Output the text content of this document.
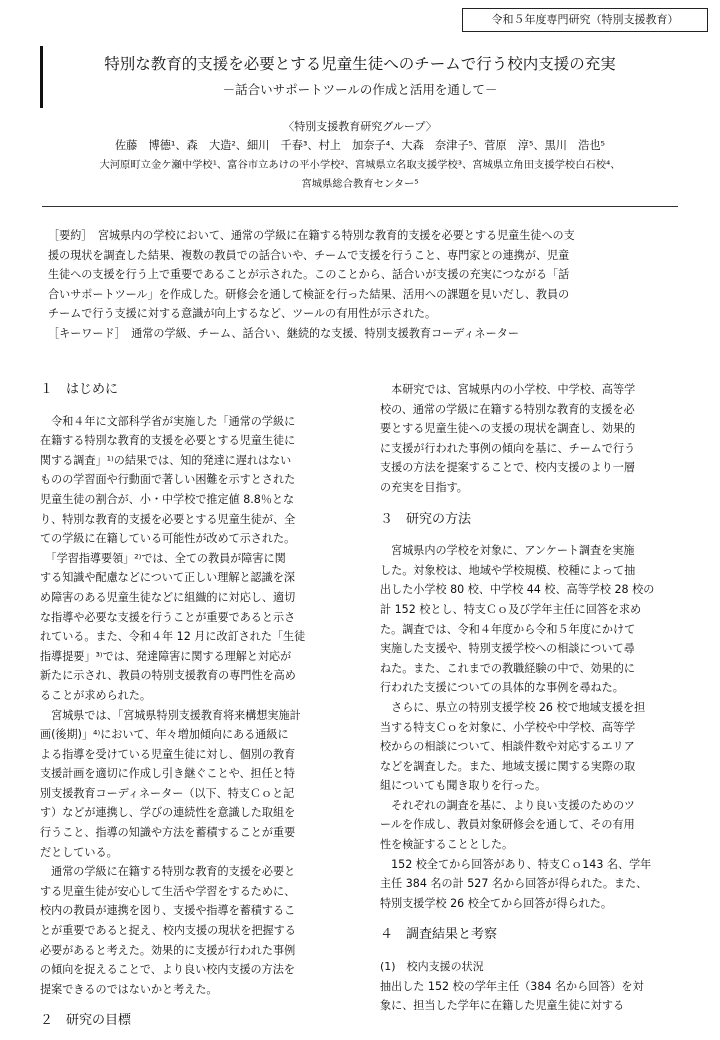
令和５年度専門研究（特別支援教育）
特別な教育的支援を必要とする児童生徒へのチームで行う校内支援の充実
－話合いサポートツールの作成と活用を通して－
〈特別支援教育研究グループ〉
佐藤　博德¹、森　大造²、細川　千春³、村上　加奈子⁴、大森　奈津子⁵、菅原　淳⁵、黒川　浩也⁵
大河原町立金ケ瀬中学校¹、富谷市立あけの平小学校²、宮城県立名取支援学校³、宮城県立角田支援学校白石校⁴、
宮城県総合教育センター⁵
［要約］　宮城県内の学校において、通常の学級に在籍する特別な教育的支援を必要とする児童生徒への支
援の現状を調査した結果、複数の教員での話合いや、チームで支援を行うこと、専門家との連携が、児童
生徒への支援を行う上で重要であることが示された。このことから、話合いが支援の充実につながる「話
合いサポートツール」を作成した。研修会を通して検証を行った結果、活用への課題を見いだし、教員の
チームで行う支援に対する意識が向上するなど、ツールの有用性が示された。
［キーワード］　通常の学級、チーム、話合い、継続的な支援、特別支援教育コーディネーター
１　はじめに
　令和４年に文部科学省が実施した「通常の学級に
在籍する特別な教育的支援を必要とする児童生徒に
関する調査」¹⁾の結果では、知的発達に遅れはない
ものの学習面や行動面で著しい困難を示すとされた
児童生徒の割合が、小・中学校で推定値 8.8％とな
り、特別な教育的支援を必要とする児童生徒が、全
ての学級に在籍している可能性が改めて示された。
　「学習指導要領」²⁾では、全ての教員が障害に関
する知識や配慮などについて正しい理解と認識を深
め障害のある児童生徒などに組織的に対応し、適切
な指導や必要な支援を行うことが重要であると示さ
れている。また、令和４年 12 月に改訂された「生徒
指導提要」³⁾では、発達障害に関する理解と対応が
新たに示され、教員の特別支援教育の専門性を高め
ることが求められた。
　宮城県では、「宮城県特別支援教育将来構想実施計
画(後期)」⁴⁾において、年々増加傾向にある通級に
よる指導を受けている児童生徒に対し、個別の教育
支援計画を適切に作成し引き継ぐことや、担任と特
別支援教育コーディネーター（以下、特支Ｃｏと記
す）などが連携し、学びの連続性を意識した取組を
行うこと、指導の知識や方法を蓄積することが重要
だとしている。
　通常の学級に在籍する特別な教育的支援を必要と
する児童生徒が安心して生活や学習をするために、
校内の教員が連携を図り、支援や指導を蓄積するこ
とが重要であると捉え、校内支援の現状を把握する
必要があると考えた。効果的に支援が行われた事例
の傾向を捉えることで、より良い校内支援の方法を
提案できるのではないかと考えた。
２　研究の目標
　本研究では、宮城県内の小学校、中学校、高等学
校の、通常の学級に在籍する特別な教育的支援を必
要とする児童生徒への支援の現状を調査し、効果的
に支援が行われた事例の傾向を基に、チームで行う
支援の方法を提案することで、校内支援のより一層
の充実を目指す。
３　研究の方法
　宮城県内の学校を対象に、アンケート調査を実施
した。対象校は、地域や学校規模、校種によって抽
出した小学校 80 校、中学校 44 校、高等学校 28 校の
計 152 校とし、特支Ｃｏ及び学年主任に回答を求め
た。調査では、令和４年度から令和５年度にかけて
実施した支援や、特別支援学校への相談について尋
ねた。また、これまでの教職経験の中で、効果的に
行われた支援についての具体的な事例を尋ねた。
　さらに、県立の特別支援学校 26 校で地域支援を担
当する特支Ｃｏを対象に、小学校や中学校、高等学
校からの相談について、相談件数や対応するエリア
などを調査した。また、地域支援に関する実際の取
組についても聞き取りを行った。
　それぞれの調査を基に、より良い支援のためのツ
ールを作成し、教員対象研修会を通して、その有用
性を検証することとした。
　152 校全てから回答があり、特支Ｃｏ143 名、学年
主任 384 名の計 527 名から回答が得られた。また、
特別支援学校 26 校全てから回答が得られた。
４　調査結果と考察
(1)　校内支援の状況
抽出した 152 校の学年主任（384 名から回答）を対
象に、担当した学年に在籍した児童生徒に対する
